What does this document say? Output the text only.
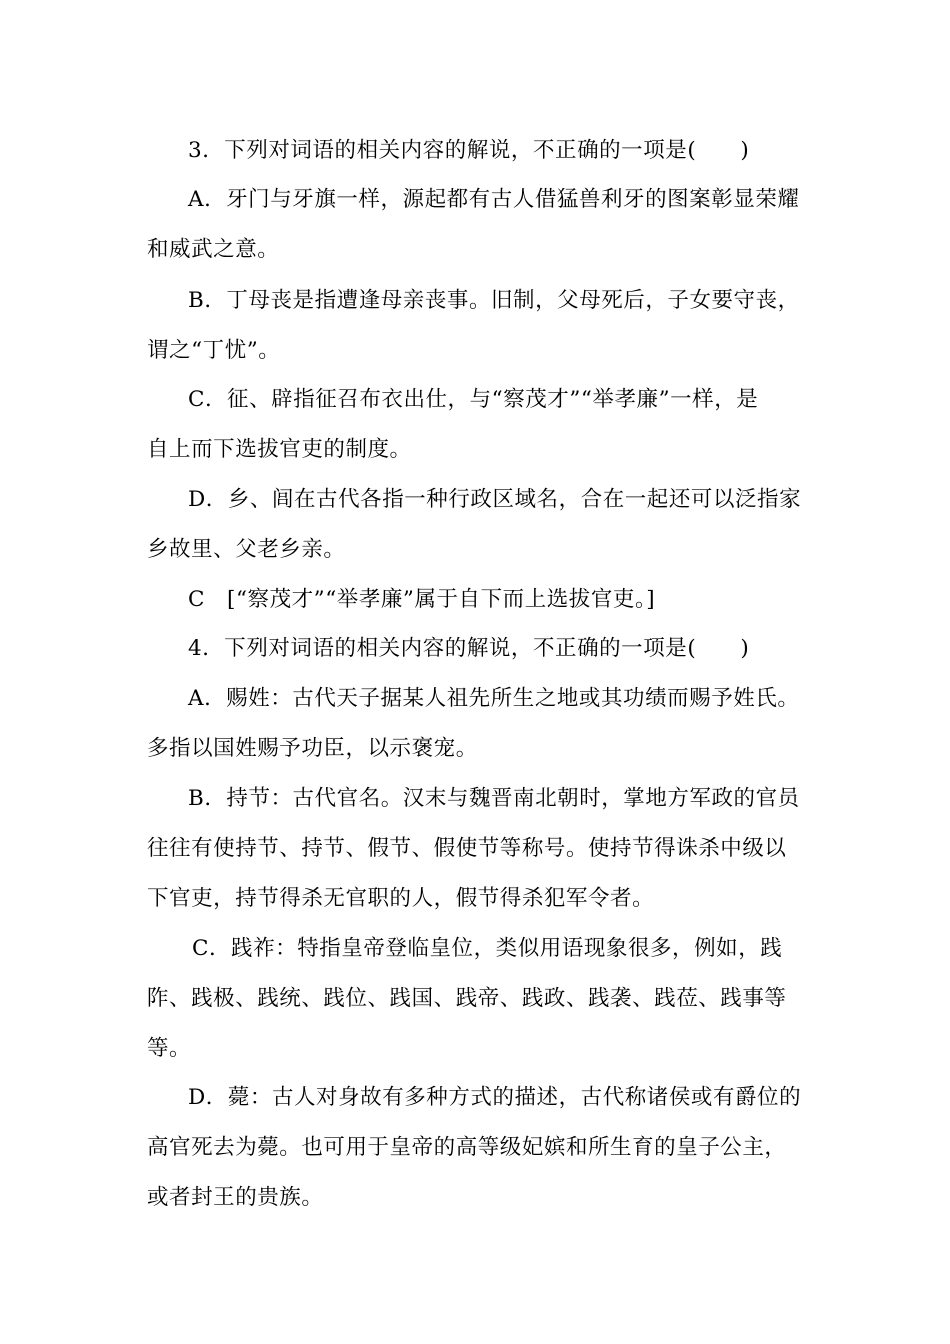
3．下列对词语的相关内容的解说，不正确的一项是(　　)
A．牙门与牙旗一样，源起都有古人借猛兽利牙的图案彰显荣耀
和威武之意。
B．丁母丧是指遭逢母亲丧事。旧制，父母死后，子女要守丧，
谓之“丁忧”。
C．征、辟指征召布衣出仕，与“察茂才”“举孝廉”一样，是
自上而下选拔官吏的制度。
D．乡、闾在古代各指一种行政区域名，合在一起还可以泛指家
乡故里、父老乡亲。
C　[“察茂才”“举孝廉”属于自下而上选拔官吏。]
4．下列对词语的相关内容的解说，不正确的一项是(　　)
A．赐姓：古代天子据某人祖先所生之地或其功绩而赐予姓氏。
多指以国姓赐予功臣，以示褒宠。
B．持节：古代官名。汉末与魏晋南北朝时，掌地方军政的官员
往往有使持节、持节、假节、假使节等称号。使持节得诛杀中级以
下官吏，持节得杀无官职的人，假节得杀犯军令者。
C．践祚：特指皇帝登临皇位，类似用语现象很多，例如，践
阼、践极、践统、践位、践国、践帝、践政、践袭、践莅、践事等
等。
D．薨：古人对身故有多种方式的描述，古代称诸侯或有爵位的
高官死去为薨。也可用于皇帝的高等级妃嫔和所生育的皇子公主，
或者封王的贵族。
